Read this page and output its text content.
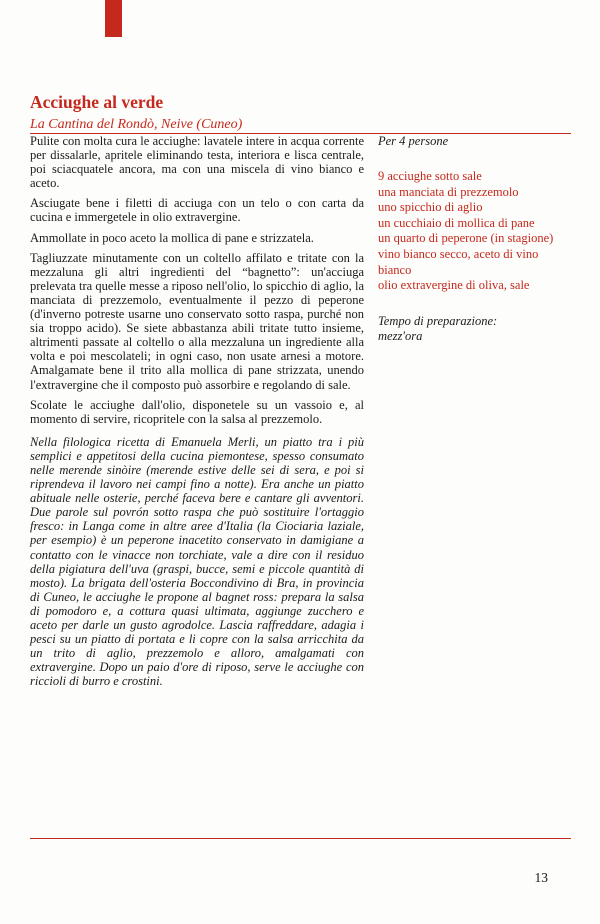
Acciughe al verde
La Cantina del Rondò, Neive (Cuneo)

Pulite con molta cura le acciughe: lavatele intere in acqua corrente per dissalarle, apritele eliminando testa, interiora e lisca centrale, poi sciacquatele ancora, ma con una miscela di vino bianco e aceto.

Asciugate bene i filetti di acciuga con un telo o con carta da cucina e immergetele in olio extravergine.

Ammollate in poco aceto la mollica di pane e strizzatela.

Tagliuzzate minutamente con un coltello affilato e tritate con la mezzaluna gli altri ingredienti del “bagnetto”: un'acciuga prelevata tra quelle messe a riposo nell'olio, lo spicchio di aglio, la manciata di prezzemolo, eventualmente il pezzo di peperone (d'inverno potreste usarne uno conservato sotto raspa, purché non sia troppo acido). Se siete abbastanza abili tritate tutto insieme, altrimenti passate al coltello o alla mezzaluna un ingrediente alla volta e poi mescolateli; in ogni caso, non usate arnesi a motore. Amalgamate bene il trito alla mollica di pane strizzata, unendo l'extravergine che il composto può assorbire e regolando di sale.

Scolate le acciughe dall'olio, disponetele su un vassoio e, al momento di servire, ricopritele con la salsa al prezzemolo.

Nella filologica ricetta di Emanuela Merli, un piatto tra i più semplici e appetitosi della cucina piemontese, spesso consumato nelle merende sinòire (merende estive delle sei di sera, e poi si riprendeva il lavoro nei campi fino a notte). Era anche un piatto abituale nelle osterie, perché faceva bere e cantare gli avventori. Due parole sul povrón sotto raspa che può sostituire l'ortaggio fresco: in Langa come in altre aree d'Italia (la Ciociaria laziale, per esempio) è un peperone inacetito conservato in damigiane a contatto con le vinacce non torchiate, vale a dire con il residuo della pigiatura dell'uva (graspi, bucce, semi e piccole quantità di mosto). La brigata dell'osteria Boccondivino di Bra, in provincia di Cuneo, le acciughe le propone al bagnet ross: prepara la salsa di pomodoro e, a cottura quasi ultimata, aggiunge zucchero e aceto per darle un gusto agrodolce. Lascia raffreddare, adagia i pesci su un piatto di portata e li copre con la salsa arricchita da un trito di aglio, prezzemolo e alloro, amalgamati con extravergine. Dopo un paio d'ore di riposo, serve le acciughe con riccioli di burro e crostini.

Per 4 persone
9 acciughe sotto sale
una manciata di prezzemolo
uno spicchio di aglio
un cucchiaio di mollica di pane
un quarto di peperone (in stagione)
vino bianco secco, aceto di vino bianco
olio extravergine di oliva, sale
Tempo di preparazione:
mezz'ora
13
